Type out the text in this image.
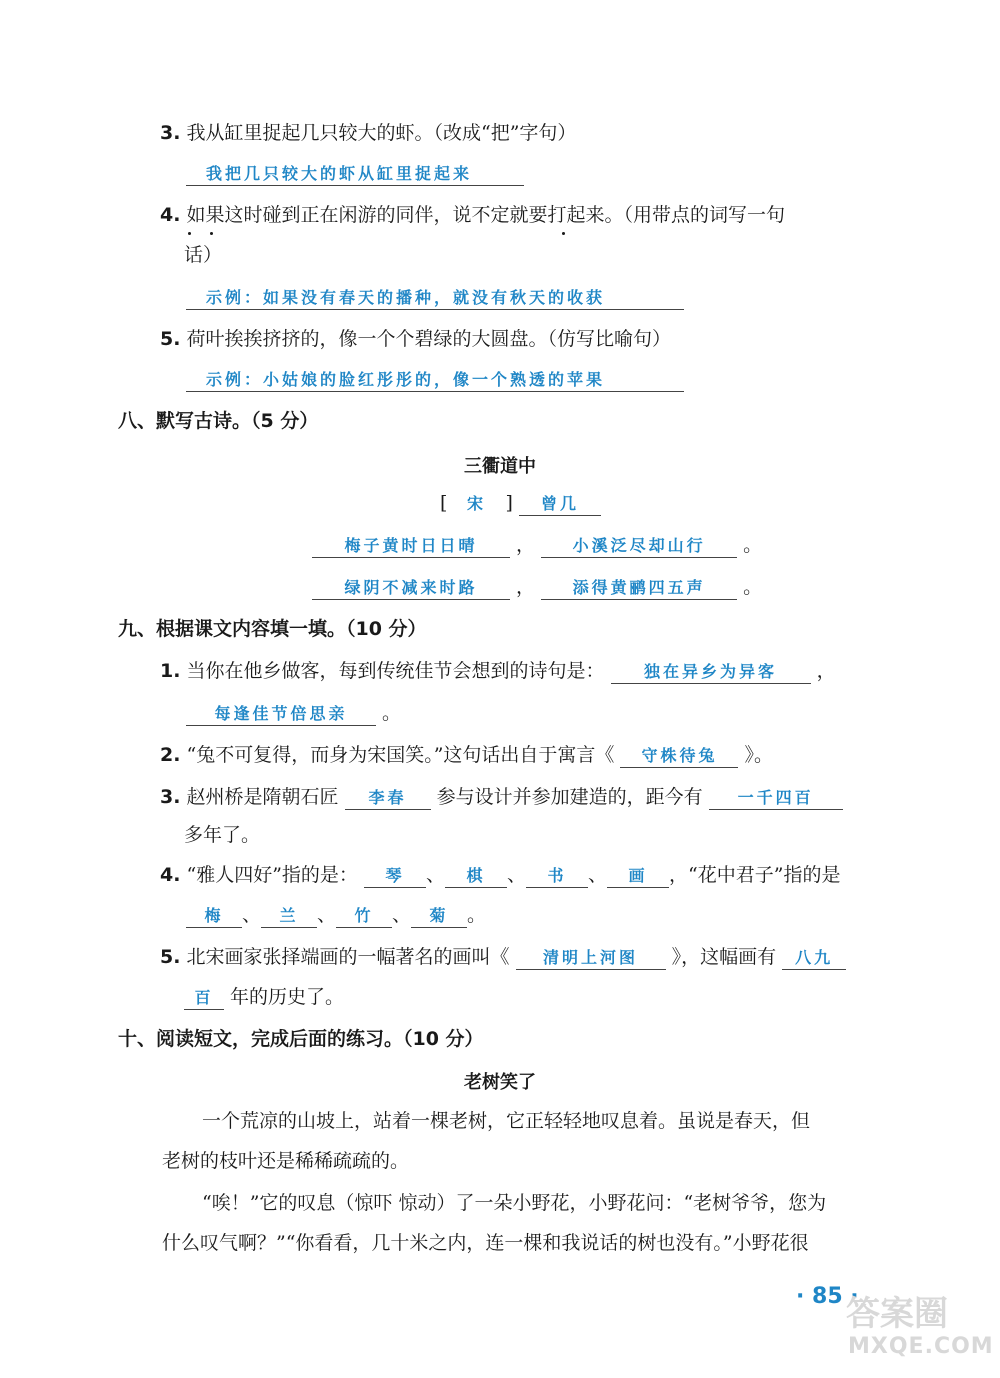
3. 我从缸里捉起几只较大的虾。（改成“把”字句）
我把几只较大的虾从缸里捉起来
4. 如果这时碰到正在闲游的同伴，说不定就要打起来。（用带点的词写一句
话）
示例：如果没有春天的播种，就没有秋天的收获
5. 荷叶挨挨挤挤的，像一个个碧绿的大圆盘。（仿写比喻句）
示例：小姑娘的脸红彤彤的，像一个熟透的苹果
八、默写古诗。（5 分）
三衢道中
[ 宋 ] 曾几
梅子黄时日日晴 ， 小溪泛尽却山行 。
绿阴不减来时路 ， 添得黄鹂四五声 。
九、根据课文内容填一填。（10 分）
1. 当你在他乡做客，每到传统佳节会想到的诗句是： 独在异乡为异客 ，
每逢佳节倍思亲 。
2. “兔不可复得，而身为宋国笑。”这句话出自于寓言《 守株待兔 》。
3. 赵州桥是隋朝石匠 李春 参与设计并参加建造的，距今有 一千四百
多年了。
4. “雅人四好”指的是： 琴 、 棋 、 书 、 画 ，“花中君子”指的是
梅 、 兰 、 竹 、 菊 。
5. 北宋画家张择端画的一幅著名的画叫《 清明上河图 》，这幅画有 八九
百 年的历史了。
十、阅读短文，完成后面的练习。（10 分）
老树笑了
一个荒凉的山坡上，站着一棵老树，它正轻轻地叹息着。虽说是春天，但
老树的枝叶还是稀稀疏疏的。
“唉！”它的叹息（惊吓 惊动）了一朵小野花，小野花问：“老树爷爷，您为
什么叹气啊？”“你看看，几十米之内，连一棵和我说话的树也没有。”小野花很
· 85 ·
答案圈
MXQE.COM
